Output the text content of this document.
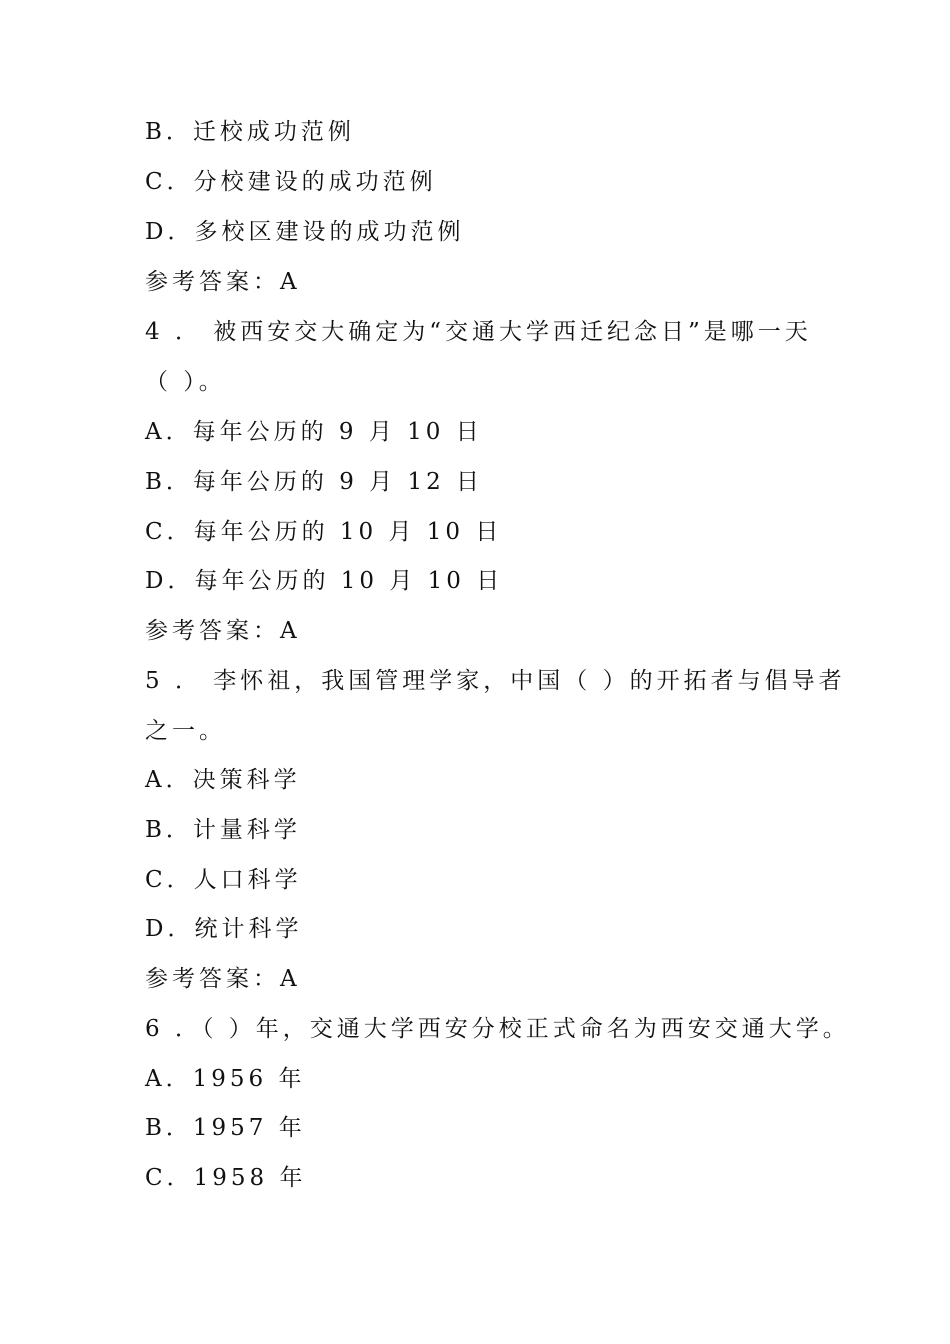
B．迁校成功范例
C．分校建设的成功范例
D．多校区建设的成功范例
参考答案：A
4 ． 被西安交大确定为“交通大学西迁纪念日”是哪一天
（ ）。
A．每年公历的 9 月 10 日
B．每年公历的 9 月 12 日
C．每年公历的 10 月 10 日
D．每年公历的 10 月 10 日
参考答案：A
5 ． 李怀祖，我国管理学家，中国（ ）的开拓者与倡导者
之一。
A．决策科学
B．计量科学
C．人口科学
D．统计科学
参考答案：A
6 ．（ ）年，交通大学西安分校正式命名为西安交通大学。
A．1956 年
B．1957 年
C．1958 年
